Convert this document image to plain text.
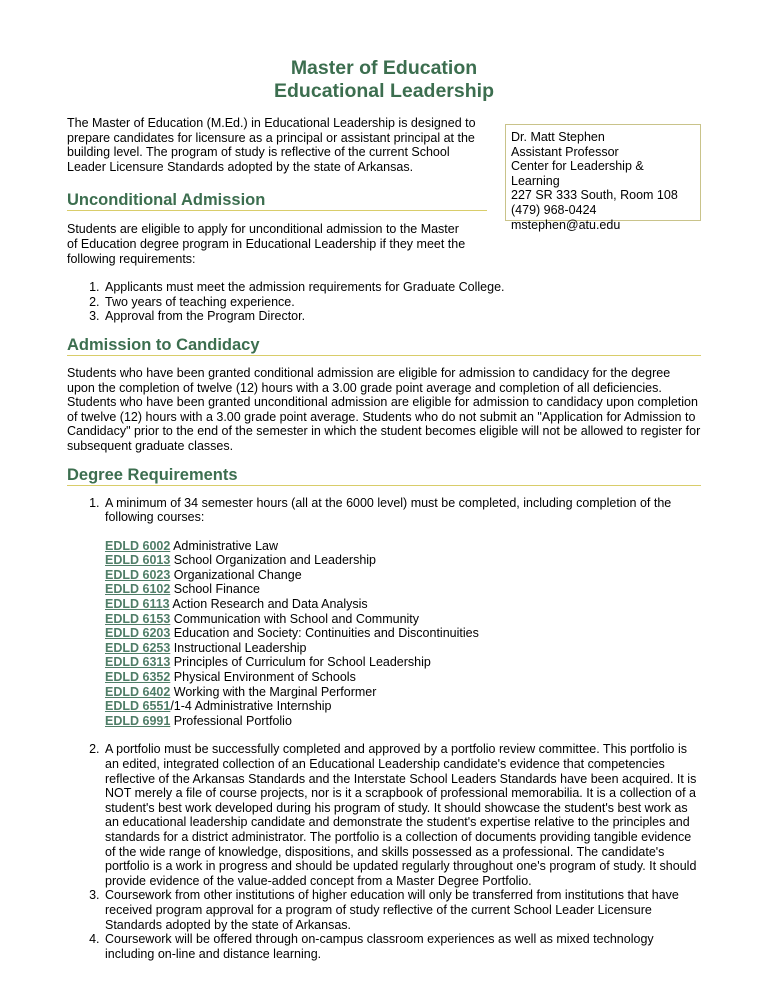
Master of Education
Educational Leadership

The Master of Education (M.Ed.) in Educational Leadership is designed to prepare candidates for licensure as a principal or assistant principal at the building level. The program of study is reflective of the current School Leader Licensure Standards adopted by the state of Arkansas.

Dr. Matt Stephen
Assistant Professor
Center for Leadership & Learning
227 SR 333 South, Room 108
(479) 968-0424
mstephen@atu.edu
Unconditional Admission

Students are eligible to apply for unconditional admission to the Master of Education degree program in Educational Leadership if they meet the following requirements:

1. Applicants must meet the admission requirements for Graduate College.
2. Two years of teaching experience.
3. Approval from the Program Director.
Admission to Candidacy

Students who have been granted conditional admission are eligible for admission to candidacy for the degree upon the completion of twelve (12) hours with a 3.00 grade point average and completion of all deficiencies. Students who have been granted unconditional admission are eligible for admission to candidacy upon completion of twelve (12) hours with a 3.00 grade point average. Students who do not submit an "Application for Admission to Candidacy" prior to the end of the semester in which the student becomes eligible will not be allowed to register for subsequent graduate classes.

Degree Requirements
1. A minimum of 34 semester hours (all at the 6000 level) must be completed, including completion of the following courses:
EDLD 6002 Administrative Law
EDLD 6013 School Organization and Leadership
EDLD 6023 Organizational Change
EDLD 6102 School Finance
EDLD 6113 Action Research and Data Analysis
EDLD 6153 Communication with School and Community
EDLD 6203 Education and Society: Continuities and Discontinuities
EDLD 6253 Instructional Leadership
EDLD 6313 Principles of Curriculum for School Leadership
EDLD 6352 Physical Environment of Schools
EDLD 6402 Working with the Marginal Performer
EDLD 6551/1-4 Administrative Internship
EDLD 6991 Professional Portfolio
2. A portfolio must be successfully completed and approved by a portfolio review committee. This portfolio is an edited, integrated collection of an Educational Leadership candidate's evidence that competencies reflective of the Arkansas Standards and the Interstate School Leaders Standards have been acquired. It is NOT merely a file of course projects, nor is it a scrapbook of professional memorabilia. It is a collection of a student's best work developed during his program of study. It should showcase the student's best work as an educational leadership candidate and demonstrate the student's expertise relative to the principles and standards for a district administrator. The portfolio is a collection of documents providing tangible evidence of the wide range of knowledge, dispositions, and skills possessed as a professional. The candidate's portfolio is a work in progress and should be updated regularly throughout one's program of study. It should provide evidence of the value-added concept from a Master Degree Portfolio.
3. Coursework from other institutions of higher education will only be transferred from institutions that have received program approval for a program of study reflective of the current School Leader Licensure Standards adopted by the state of Arkansas.
4. Coursework will be offered through on-campus classroom experiences as well as mixed technology including on-line and distance learning.
